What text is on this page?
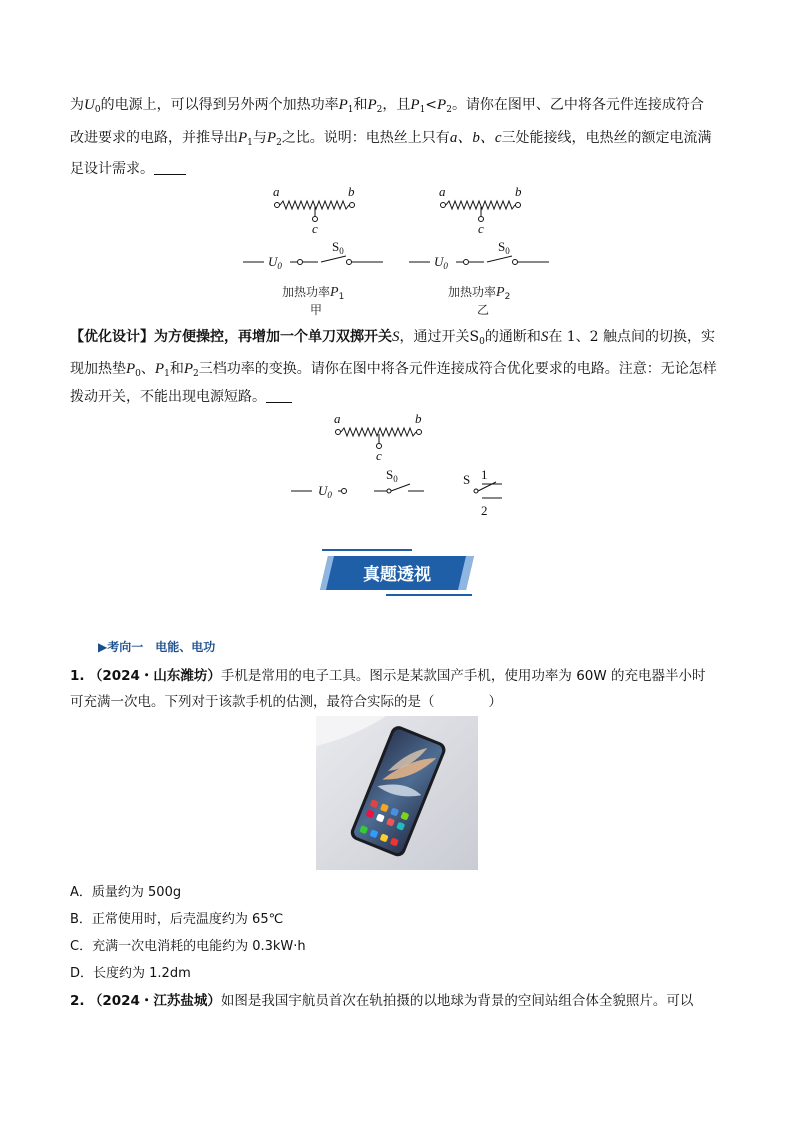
为$U_0$的电源上，可以得到另外两个加热功率$P_1$和$P_2$，且$P_1<P_2$。请你在图甲、乙中将各元件连接成符合
改进要求的电路，并推导出$P_1$与$P_2$之比。说明：电热丝上只有a、b、c三处能接线，电热丝的额定电流满
足设计需求。
a	b
c
$U_0$
$S_0$
加热功率$P_1$
甲
a	b
c
$U_0$
$S_0$
加热功率$P_2$
乙
【优化设计】为方便操控，再增加一个单刀双掷开关S，通过开关$S_0$的通断和S在 1、2 触点间的切换，实
现加热垫$P_0$、$P_1$和$P_2$三档功率的变换。请你在图中将各元件连接成符合优化要求的电路。注意：无论怎样
拨动开关，不能出现电源短路。
a	b
c
$U_0$
$S_0$	S 1
2
真题透视
▶考向一　电能、电功
1. （2024・山东潍坊）手机是常用的电子工具。图示是某款国产手机，使用功率为 60W 的充电器半小时
可充满一次电。下列对于该款手机的估测，最符合实际的是（　　　　）
A．质量约为 500g
B．正常使用时，后壳温度约为 65℃
C．充满一次电消耗的电能约为 0.3kW·h
D．长度约为 1.2dm
2. （2024・江苏盐城）如图是我国宇航员首次在轨拍摄的以地球为背景的空间站组合体全貌照片。可以
